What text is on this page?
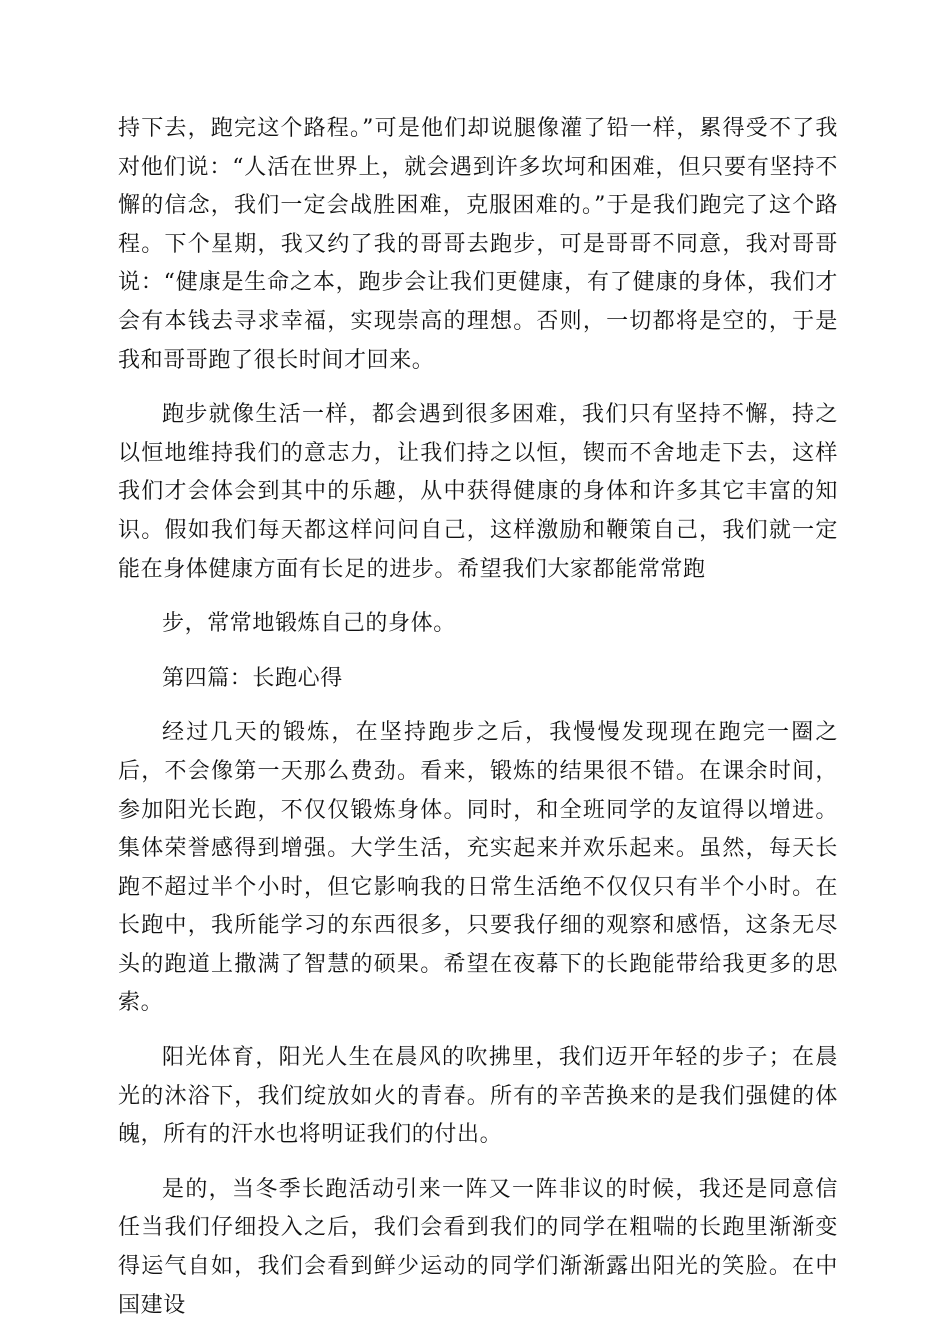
持下去，跑完这个路程。”可是他们却说腿像灌了铅一样，累得受不了我对他们说：“人活在世界上，就会遇到许多坎坷和困难，但只要有坚持不懈的信念，我们一定会战胜困难，克服困难的。”于是我们跑完了这个路程。下个星期，我又约了我的哥哥去跑步，可是哥哥不同意，我对哥哥说：“健康是生命之本，跑步会让我们更健康，有了健康的身体，我们才会有本钱去寻求幸福，实现崇高的理想。否则，一切都将是空的，于是我和哥哥跑了很长时间才回来。

跑步就像生活一样，都会遇到很多困难，我们只有坚持不懈，持之以恒地维持我们的意志力，让我们持之以恒，锲而不舍地走下去，这样我们才会体会到其中的乐趣，从中获得健康的身体和许多其它丰富的知识。假如我们每天都这样问问自己，这样激励和鞭策自己，我们就一定能在身体健康方面有长足的进步。希望我们大家都能常常跑

步，常常地锻炼自己的身体。

第四篇：长跑心得

经过几天的锻炼，在坚持跑步之后，我慢慢发现现在跑完一圈之后，不会像第一天那么费劲。看来，锻炼的结果很不错。在课余时间，参加阳光长跑，不仅仅锻炼身体。同时，和全班同学的友谊得以增进。集体荣誉感得到增强。大学生活，充实起来并欢乐起来。虽然，每天长跑不超过半个小时，但它影响我的日常生活绝不仅仅只有半个小时。在长跑中，我所能学习的东西很多，只要我仔细的观察和感悟，这条无尽头的跑道上撒满了智慧的硕果。希望在夜幕下的长跑能带给我更多的思索。

阳光体育，阳光人生在晨风的吹拂里，我们迈开年轻的步子；在晨光的沐浴下，我们绽放如火的青春。所有的辛苦换来的是我们强健的体魄，所有的汗水也将明证我们的付出。

是的，当冬季长跑活动引来一阵又一阵非议的时候，我还是同意信任当我们仔细投入之后，我们会看到我们的同学在粗喘的长跑里渐渐变得运气自如，我们会看到鲜少运动的同学们渐渐露出阳光的笑脸。在中国建设
